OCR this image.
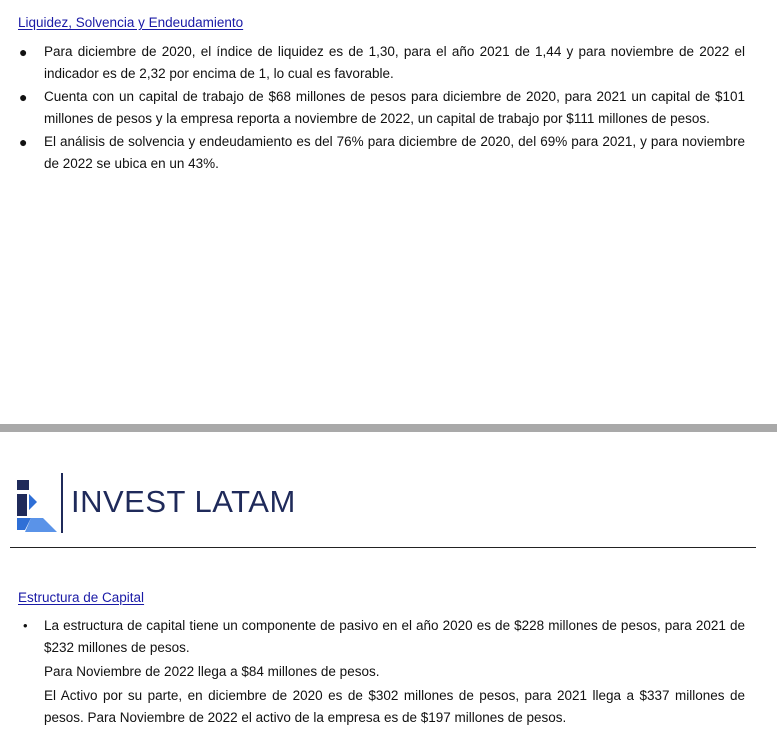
Liquidez, Solvencia y Endeudamiento
● Para diciembre de 2020, el índice de liquidez es de 1,30, para el año 2021 de 1,44 y para noviembre de 2022 el indicador es de 2,32 por encima de 1, lo cual es favorable.
● Cuenta con un capital de trabajo de $68 millones de pesos para diciembre de 2020, para 2021 un capital de $101 millones de pesos y la empresa reporta a noviembre de 2022, un capital de trabajo por $111 millones de pesos.
● El análisis de solvencia y endeudamiento es del 76% para diciembre de 2020, del 69% para 2021, y para noviembre de 2022 se ubica en un 43%.
INVEST LATAM
Estructura de Capital
• La estructura de capital tiene un componente de pasivo en el año 2020 es de $228 millones de pesos, para 2021 de $232 millones de pesos.
Para Noviembre de 2022 llega a $84 millones de pesos.
El Activo por su parte, en diciembre de 2020 es de $302 millones de pesos, para 2021 llega a $337 millones de pesos. Para Noviembre de 2022 el activo de la empresa es de $197 millones de pesos.
